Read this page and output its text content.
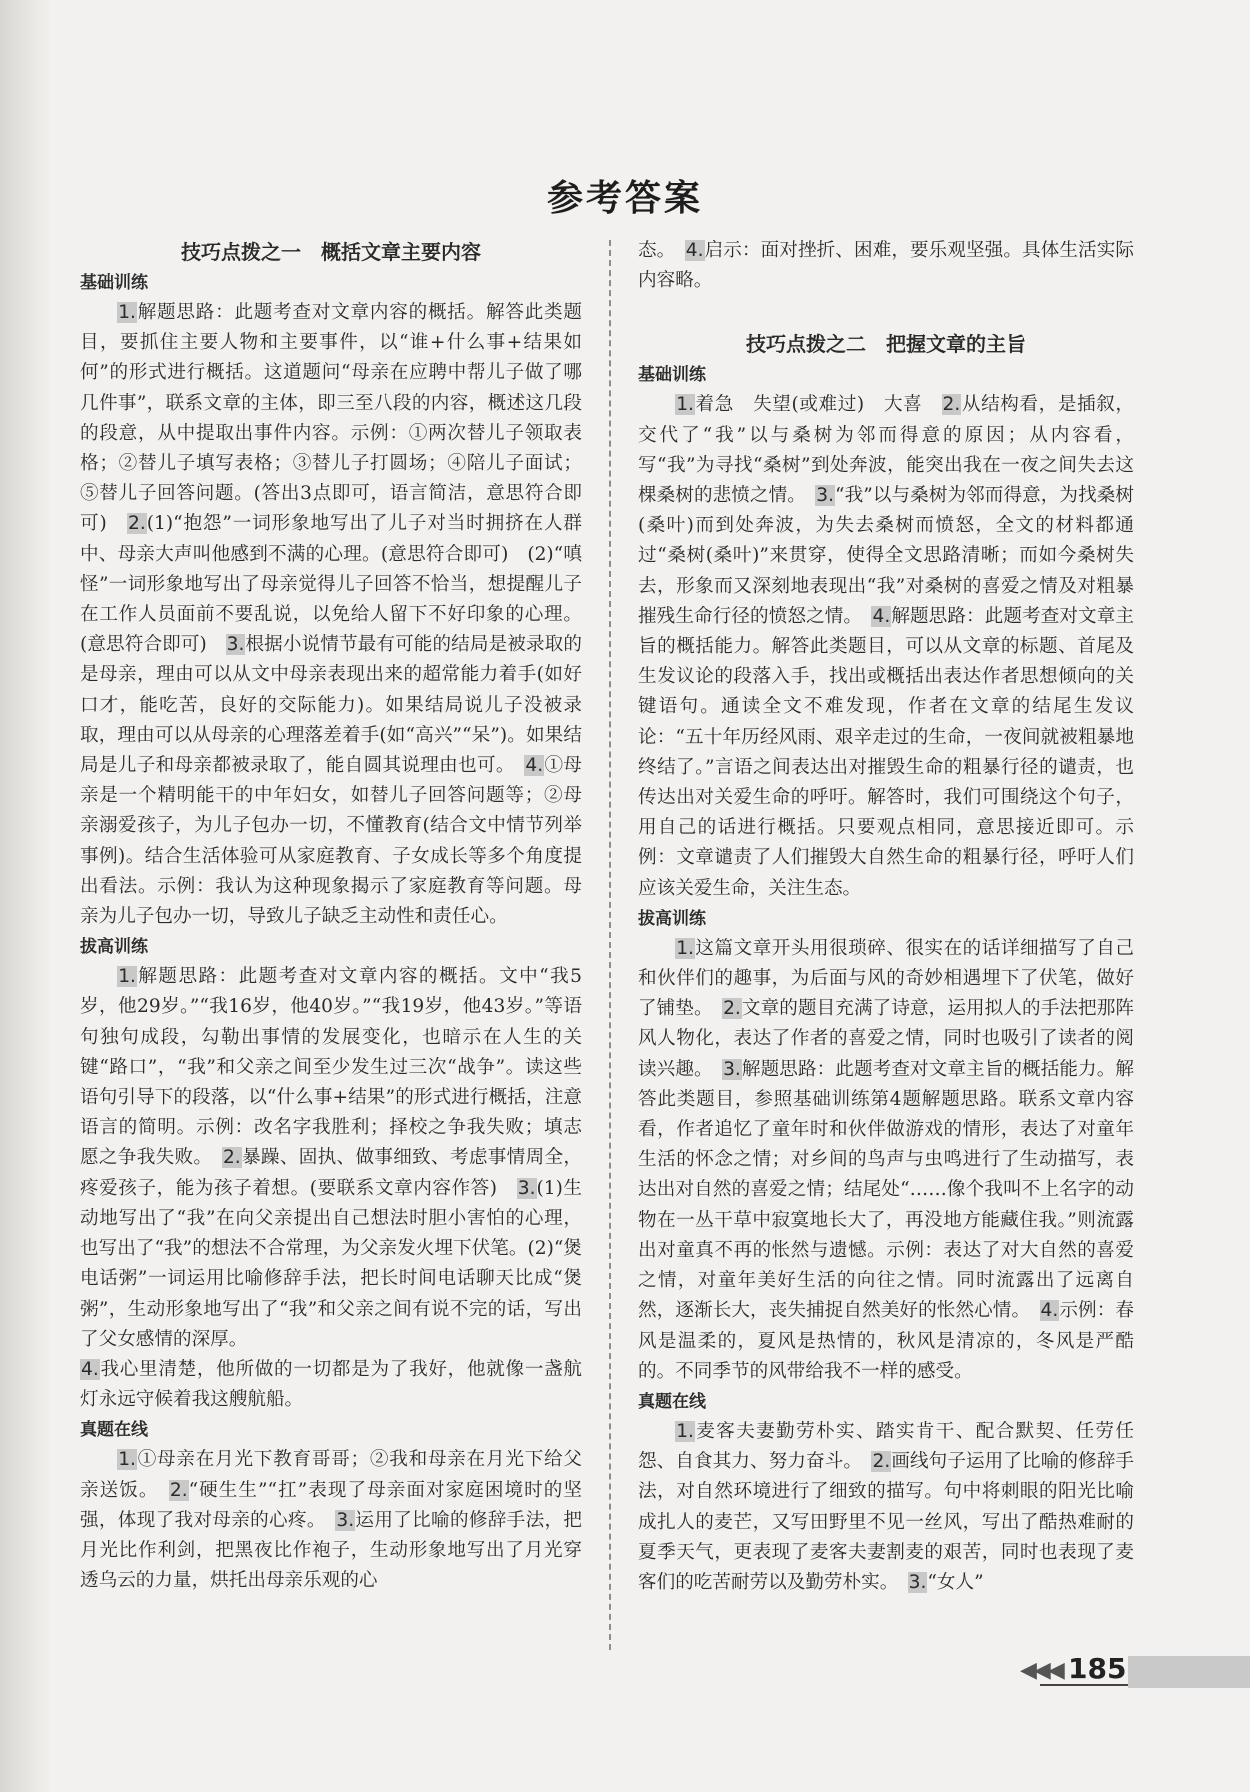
参考答案

技巧点拨之一　概括文章主要内容

基础训练

1.解题思路：此题考查对文章内容的概括。解答此类题目，要抓住主要人物和主要事件，以“谁+什么事+结果如何”的形式进行概括。这道题问“母亲在应聘中帮儿子做了哪几件事”，联系文章的主体，即三至八段的内容，概述这几段的段意，从中提取出事件内容。示例：①两次替儿子领取表格；②替儿子填写表格；③替儿子打圆场；④陪儿子面试；⑤替儿子回答问题。(答出3点即可，语言简洁，意思符合即可)　 2.(1)“抱怨”一词形象地写出了儿子对当时拥挤在人群中、母亲大声叫他感到不满的心理。(意思符合即可)　(2)“嗔怪”一词形象地写出了母亲觉得儿子回答不恰当，想提醒儿子在工作人员面前不要乱说，以免给人留下不好印象的心理。(意思符合即可)　 3.根据小说情节最有可能的结局是被录取的是母亲，理由可以从文中母亲表现出来的超常能力着手(如好口才，能吃苦，良好的交际能力)。如果结局说儿子没被录取，理由可以从母亲的心理落差着手(如“高兴”“呆”)。如果结局是儿子和母亲都被录取了，能自圆其说理由也可。　 4.①母亲是一个精明能干的中年妇女，如替儿子回答问题等；②母亲溺爱孩子，为儿子包办一切，不懂教育(结合文中情节列举事例)。结合生活体验可从家庭教育、子女成长等多个角度提出看法。示例：我认为这种现象揭示了家庭教育等问题。母亲为儿子包办一切，导致儿子缺乏主动性和责任心。

拔高训练

1.解题思路：此题考查对文章内容的概括。文中“我5岁，他29岁。”“我16岁，他40岁。”“我19岁，他43岁。”等语句独句成段，勾勒出事情的发展变化，也暗示在人生的关键“路口”，“我”和父亲之间至少发生过三次“战争”。读这些语句引导下的段落，以“什么事+结果”的形式进行概括，注意语言的简明。示例：改名字我胜利；择校之争我失败；填志愿之争我失败。　 2.暴躁、固执、做事细致、考虑事情周全，疼爱孩子，能为孩子着想。(要联系文章内容作答)　 3.(1)生动地写出了“我”在向父亲提出自己想法时胆小害怕的心理，也写出了“我”的想法不合常理，为父亲发火埋下伏笔。(2)“煲电话粥”一词运用比喻修辞手法，把长时间电话聊天比成“煲粥”，生动形象地写出了“我”和父亲之间有说不完的话，写出了父女感情的深厚。

4.我心里清楚，他所做的一切都是为了我好，他就像一盏航灯永远守候着我这艘航船。

真题在线

1.①母亲在月光下教育哥哥；②我和母亲在月光下给父亲送饭。　 2.“硬生生”“扛”表现了母亲面对家庭困境时的坚强，体现了我对母亲的心疼。　 3.运用了比喻的修辞手法，把月光比作利剑，把黑夜比作袍子，生动形象地写出了月光穿透乌云的力量，烘托出母亲乐观的心

态。　 4.启示：面对挫折、困难，要乐观坚强。具体生活实际内容略。

技巧点拨之二　把握文章的主旨

基础训练

1.着急　失望(或难过)　大喜　 2.从结构看，是插叙，交代了“我”以与桑树为邻而得意的原因；从内容看，写“我”为寻找“桑树”到处奔波，能突出我在一夜之间失去这棵桑树的悲愤之情。　 3.“我”以与桑树为邻而得意，为找桑树(桑叶)而到处奔波，为失去桑树而愤怒，全文的材料都通过“桑树(桑叶)”来贯穿，使得全文思路清晰；而如今桑树失去，形象而又深刻地表现出“我”对桑树的喜爱之情及对粗暴摧残生命行径的愤怒之情。　 4.解题思路：此题考查对文章主旨的概括能力。解答此类题目，可以从文章的标题、首尾及生发议论的段落入手，找出或概括出表达作者思想倾向的关键语句。通读全文不难发现，作者在文章的结尾生发议论：“五十年历经风雨、艰辛走过的生命，一夜间就被粗暴地终结了。”言语之间表达出对摧毁生命的粗暴行径的谴责，也传达出对关爱生命的呼吁。解答时，我们可围绕这个句子，用自己的话进行概括。只要观点相同，意思接近即可。示例：文章谴责了人们摧毁大自然生命的粗暴行径，呼吁人们应该关爱生命，关注生态。

拔高训练

1.这篇文章开头用很琐碎、很实在的话详细描写了自己和伙伴们的趣事，为后面与风的奇妙相遇埋下了伏笔，做好了铺垫。　 2.文章的题目充满了诗意，运用拟人的手法把那阵风人物化，表达了作者的喜爱之情，同时也吸引了读者的阅读兴趣。　 3.解题思路：此题考查对文章主旨的概括能力。解答此类题目，参照基础训练第4题解题思路。联系文章内容看，作者追忆了童年时和伙伴做游戏的情形，表达了对童年生活的怀念之情；对乡间的鸟声与虫鸣进行了生动描写，表达出对自然的喜爱之情；结尾处“……像个我叫不上名字的动物在一丛干草中寂寞地长大了，再没地方能藏住我。”则流露出对童真不再的怅然与遗憾。示例：表达了对大自然的喜爱之情，对童年美好生活的向往之情。同时流露出了远离自然，逐渐长大，丧失捕捉自然美好的怅然心情。　 4.示例：春风是温柔的，夏风是热情的，秋风是清凉的，冬风是严酷的。不同季节的风带给我不一样的感受。

真题在线

1.麦客夫妻勤劳朴实、踏实肯干、配合默契、任劳任怨、自食其力、努力奋斗。　 2.画线句子运用了比喻的修辞手法，对自然环境进行了细致的描写。句中将刺眼的阳光比喻成扎人的麦芒，又写田野里不见一丝风，写出了酷热难耐的夏季天气，更表现了麦客夫妻割麦的艰苦，同时也表现了麦客们的吃苦耐劳以及勤劳朴实。　 3.“女人”

◀◀◀ 185
